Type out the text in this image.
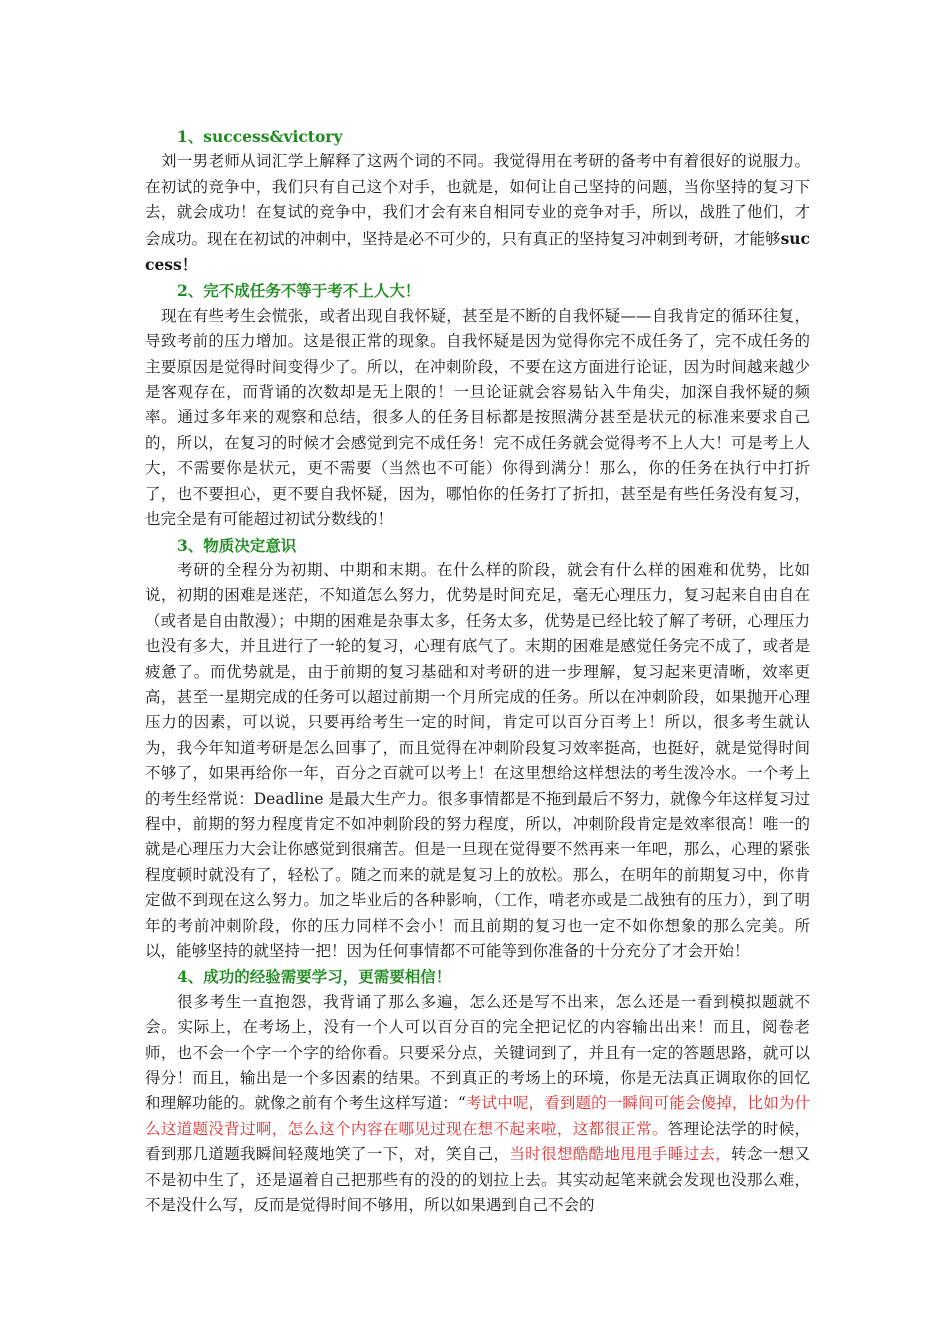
1、success&victory

刘一男老师从词汇学上解释了这两个词的不同。我觉得用在考研的备考中有着很好的说服力。在初试的竞争中，我们只有自己这个对手，也就是，如何让自己坚持的问题，当你坚持的复习下去，就会成功！在复试的竞争中，我们才会有来自相同专业的竞争对手，所以，战胜了他们，才会成功。现在在初试的冲刺中，坚持是必不可少的，只有真正的坚持复习冲刺到考研，才能够success！

2、完不成任务不等于考不上人大！

现在有些考生会慌张，或者出现自我怀疑，甚至是不断的自我怀疑——自我肯定的循环往复，导致考前的压力增加。这是很正常的现象。自我怀疑是因为觉得你完不成任务了，完不成任务的主要原因是觉得时间变得少了。所以，在冲刺阶段，不要在这方面进行论证，因为时间越来越少是客观存在，而背诵的次数却是无上限的！一旦论证就会容易钻入牛角尖，加深自我怀疑的频率。通过多年来的观察和总结，很多人的任务目标都是按照满分甚至是状元的标准来要求自己的，所以，在复习的时候才会感觉到完不成任务！完不成任务就会觉得考不上人大！可是考上人大，不需要你是状元，更不需要（当然也不可能）你得到满分！那么，你的任务在执行中打折了，也不要担心，更不要自我怀疑，因为，哪怕你的任务打了折扣，甚至是有些任务没有复习，也完全是有可能超过初试分数线的！

3、物质决定意识

考研的全程分为初期、中期和末期。在什么样的阶段，就会有什么样的困难和优势，比如说，初期的困难是迷茫，不知道怎么努力，优势是时间充足，毫无心理压力，复习起来自由自在（或者是自由散漫）；中期的困难是杂事太多，任务太多，优势是已经比较了解了考研，心理压力也没有多大，并且进行了一轮的复习，心理有底气了。末期的困难是感觉任务完不成了，或者是疲惫了。而优势就是，由于前期的复习基础和对考研的进一步理解，复习起来更清晰，效率更高，甚至一星期完成的任务可以超过前期一个月所完成的任务。所以在冲刺阶段，如果抛开心理压力的因素，可以说，只要再给考生一定的时间，肯定可以百分百考上！所以，很多考生就认为，我今年知道考研是怎么回事了，而且觉得在冲刺阶段复习效率挺高，也挺好，就是觉得时间不够了，如果再给你一年，百分之百就可以考上！在这里想给这样想法的考生泼冷水。一个考上的考生经常说：Deadline 是最大生产力。很多事情都是不拖到最后不努力，就像今年这样复习过程中，前期的努力程度肯定不如冲刺阶段的努力程度，所以，冲刺阶段肯定是效率很高！唯一的就是心理压力大会让你感觉到很痛苦。但是一旦现在觉得要不然再来一年吧，那么，心理的紧张程度顿时就没有了，轻松了。随之而来的就是复习上的放松。那么，在明年的前期复习中，你肯定做不到现在这么努力。加之毕业后的各种影响，（工作，啃老亦或是二战独有的压力），到了明年的考前冲刺阶段，你的压力同样不会小！而且前期的复习也一定不如你想象的那么完美。所以，能够坚持的就坚持一把！因为任何事情都不可能等到你准备的十分充分了才会开始！

4、成功的经验需要学习，更需要相信！

很多考生一直抱怨，我背诵了那么多遍，怎么还是写不出来，怎么还是一看到模拟题就不会。实际上，在考场上，没有一个人可以百分百的完全把记忆的内容输出出来！而且，阅卷老师，也不会一个字一个字的给你看。只要采分点，关键词到了，并且有一定的答题思路，就可以得分！而且，输出是一个多因素的结果。不到真正的考场上的环境，你是无法真正调取你的回忆和理解功能的。就像之前有个考生这样写道：“考试中呢，看到题的一瞬间可能会傻掉，比如为什么这道题没背过啊，怎么这个内容在哪见过现在想不起来啦，这都很正常。答理论法学的时候，看到那几道题我瞬间轻蔑地笑了一下，对，笑自己，当时很想酷酷地甩甩手睡过去，转念一想又不是初中生了，还是逼着自己把那些有的没的的划拉上去。其实动起笔来就会发现也没那么难，不是没什么写，反而是觉得时间不够用，所以如果遇到自己不会的
